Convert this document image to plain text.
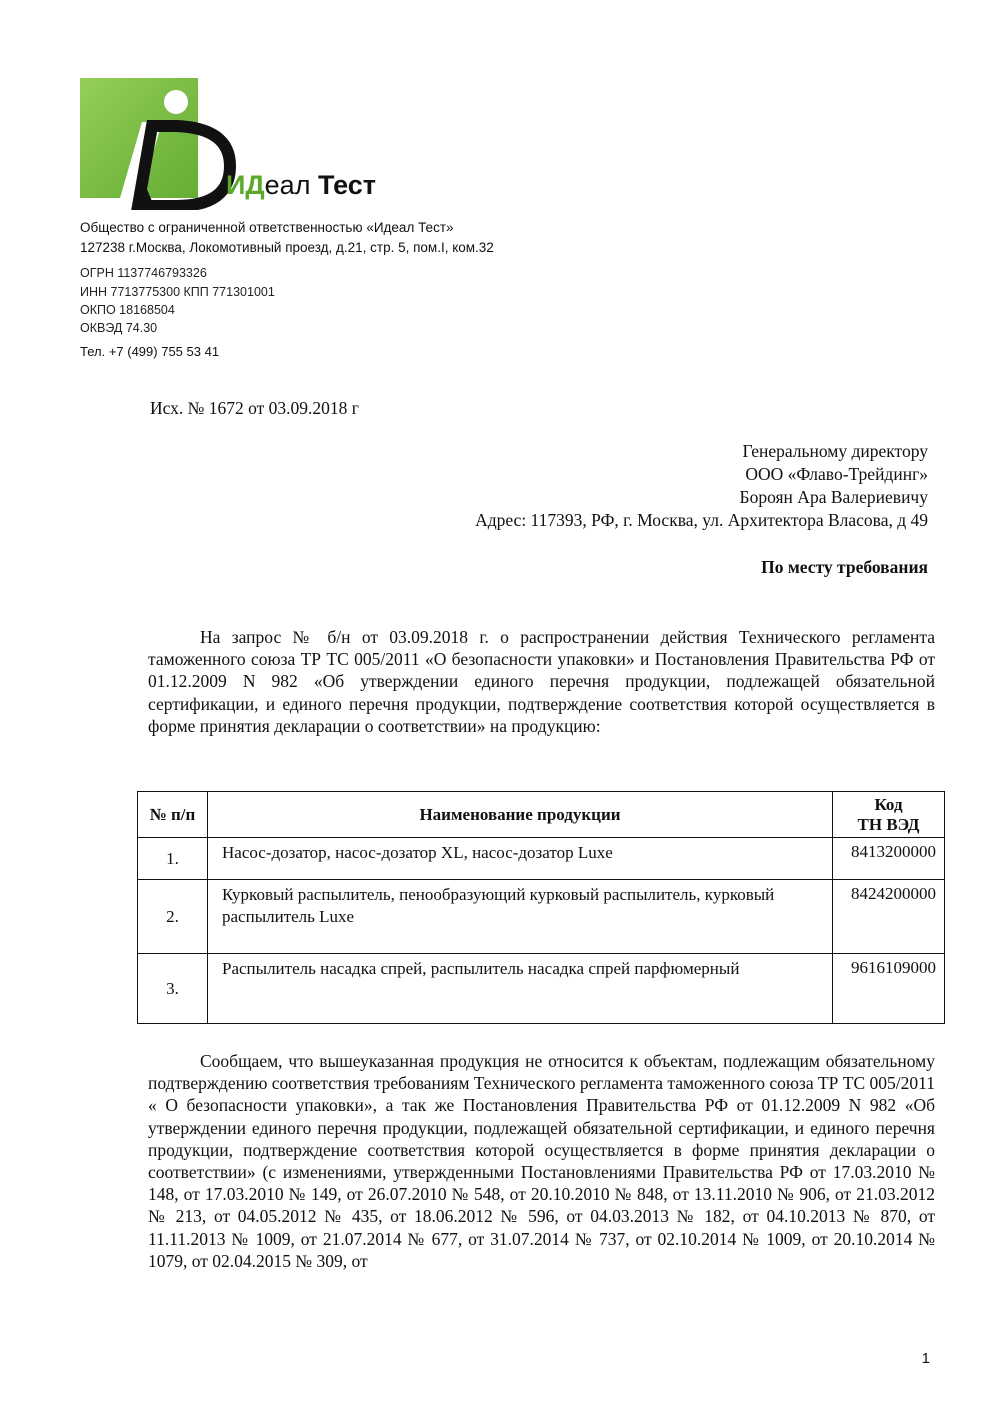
ИДеал Тест
Общество с ограниченной ответственностью «Идеал Тест»
127238 г.Москва, Локомотивный проезд, д.21, стр. 5, пом.I, ком.32
ОГРН 1137746793326
ИНН 7713775300 КПП 771301001
ОКПО 18168504
ОКВЭД 74.30
Тел. +7 (499) 755 53 41
Исх. № 1672 от 03.09.2018 г
Генеральному директору
ООО «Флаво-Трейдинг»
Бороян Ара Валериевичу
Адрес: 117393, РФ, г. Москва, ул. Архитектора Власова, д 49
По месту требования

На запрос № б/н от 03.09.2018 г. о распространении действия Технического регламента таможенного союза ТР ТС 005/2011 «О безопасности упаковки» и Постановления Правительства РФ от 01.12.2009 N 982 «Об утверждении единого перечня продукции, подлежащей обязательной сертификации, и единого перечня продукции, подтверждение соответствия которой осуществляется в форме принятия декларации о соответствии» на продукцию:

№ п/п	Наименование продукции	Код
ТН ВЭД

1.	Насос-дозатор, насос-дозатор XL, насос-дозатор Luxe	8413200000
2.	Курковый распылитель, пенообразующий курковый распылитель, курковый распылитель Luxe	8424200000
3.	Распылитель насадка спрей, распылитель насадка спрей парфюмерный	9616109000

Сообщаем, что вышеуказанная продукция не относится к объектам, подлежащим обязательному подтверждению соответствия требованиям Технического регламента таможенного союза ТР ТС 005/2011 « О безопасности упаковки», а так же Постановления Правительства РФ от 01.12.2009 N 982 «Об утверждении единого перечня продукции, подлежащей обязательной сертификации, и единого перечня продукции, подтверждение соответствия которой осуществляется в форме принятия декларации о соответствии» (с изменениями, утвержденными Постановлениями Правительства РФ от 17.03.2010 № 148, от 17.03.2010 № 149, от 26.07.2010 № 548, от 20.10.2010 № 848, от 13.11.2010 № 906, от 21.03.2012 № 213, от 04.05.2012 № 435, от 18.06.2012 № 596, от 04.03.2013 № 182, от 04.10.2013 № 870, от 11.11.2013 № 1009, от 21.07.2014 № 677, от 31.07.2014 № 737, от 02.10.2014 № 1009, от 20.10.2014 № 1079, от 02.04.2015 № 309, от

1
